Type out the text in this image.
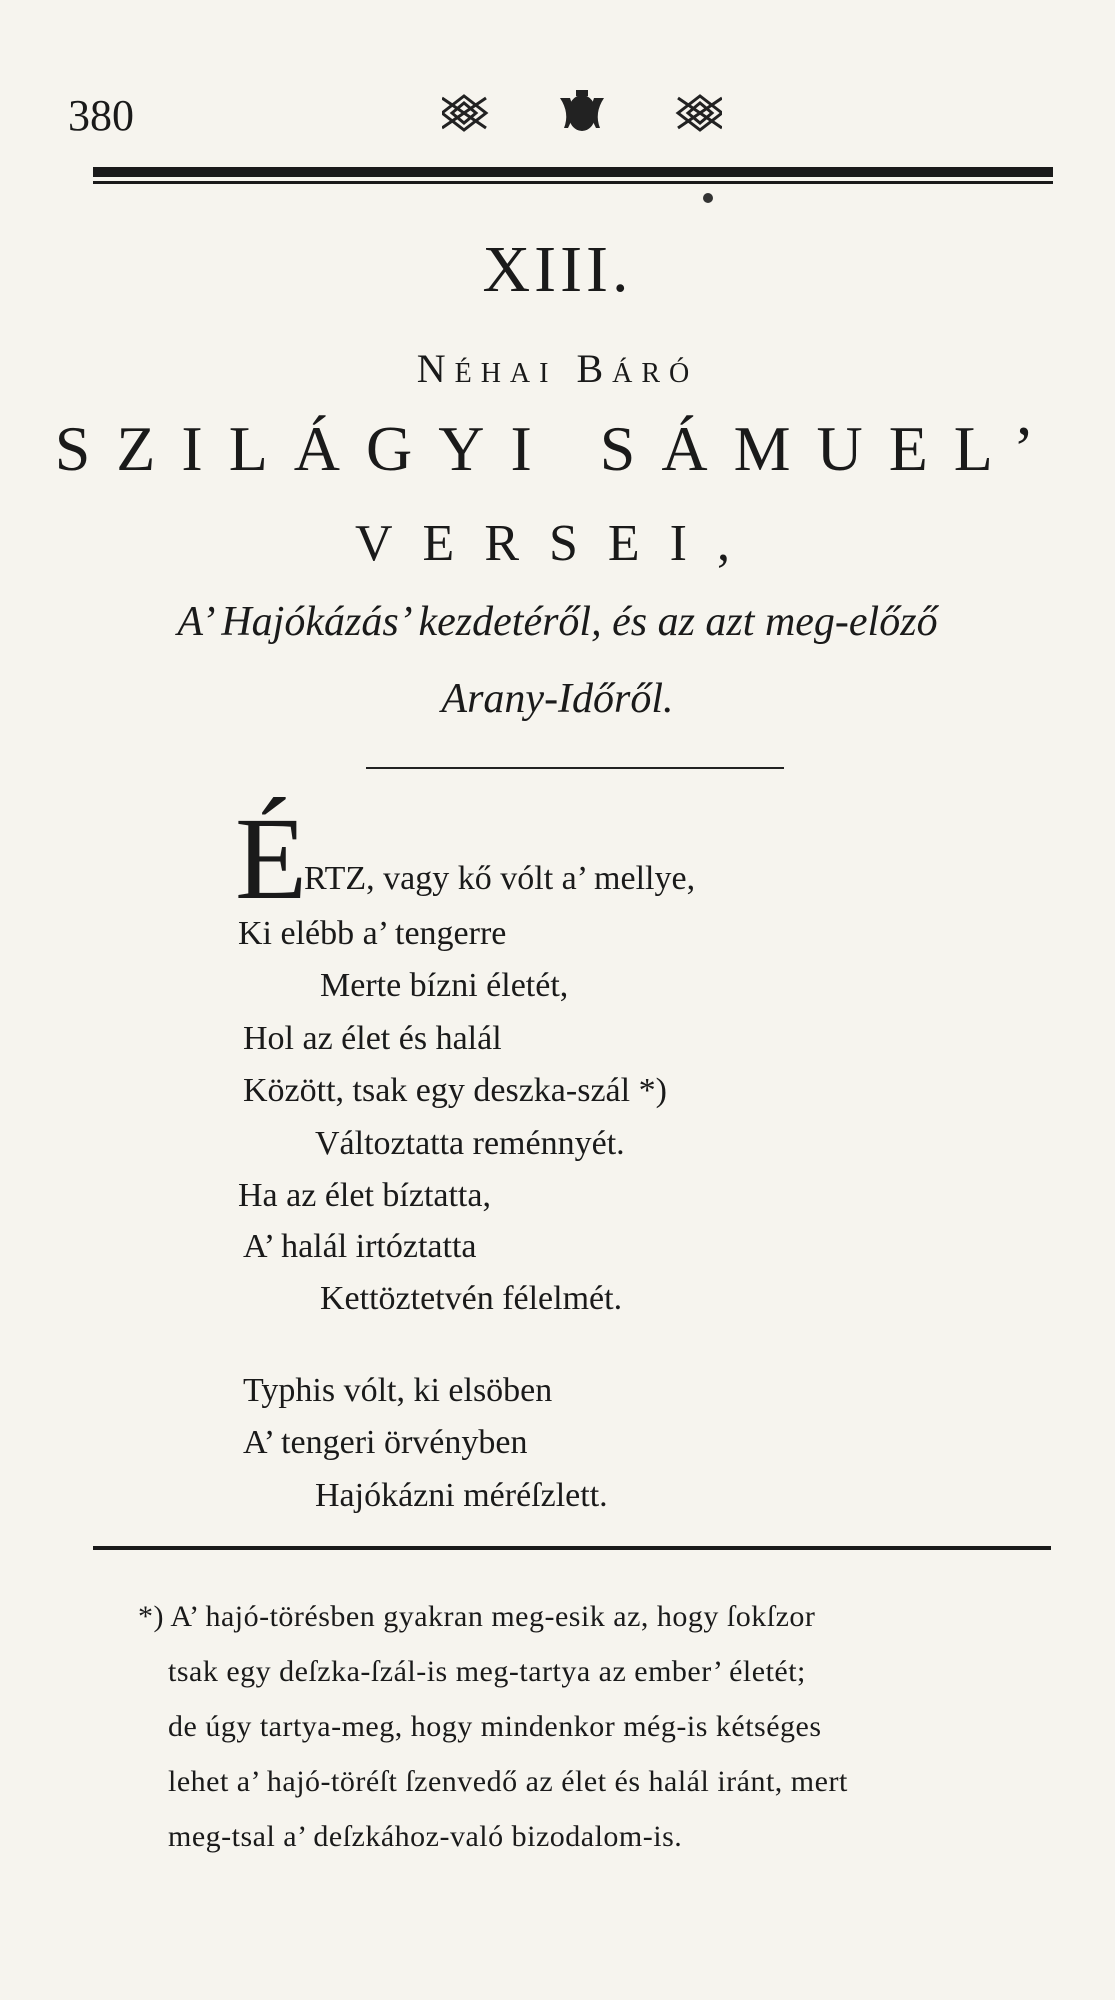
380
XIII.
Néhai Báró
SZILÁGYI SÁMUEL’
VERSEI,
A’ Hajókázás’ kezdetéről, és az azt meg-előző
Arany-Időről.
É
RTZ, vagy kő vólt a’ mellye,
Ki elébb a’ tengerre
Merte bízni életét,
Hol az élet és halál
Között, tsak egy deszka-szál *)
Változtatta reménnyét.
Ha az élet bíztatta,
A’ halál irtóztatta
Kettöztetvén félelmét.
Typhis vólt, ki elsöben
A’ tengeri örvényben
Hajókázni méréſzlett.
*) A’ hajó-törésben gyakran meg-esik az, hogy ſokſzor
tsak egy deſzka-ſzál-is meg-tartya az ember’ életét;
de úgy tartya-meg, hogy mindenkor még-is kétséges
lehet a’ hajó-töréſt ſzenvedő az élet és halál iránt, mert
meg-tsal a’ deſzkához-való bizodalom-is.
